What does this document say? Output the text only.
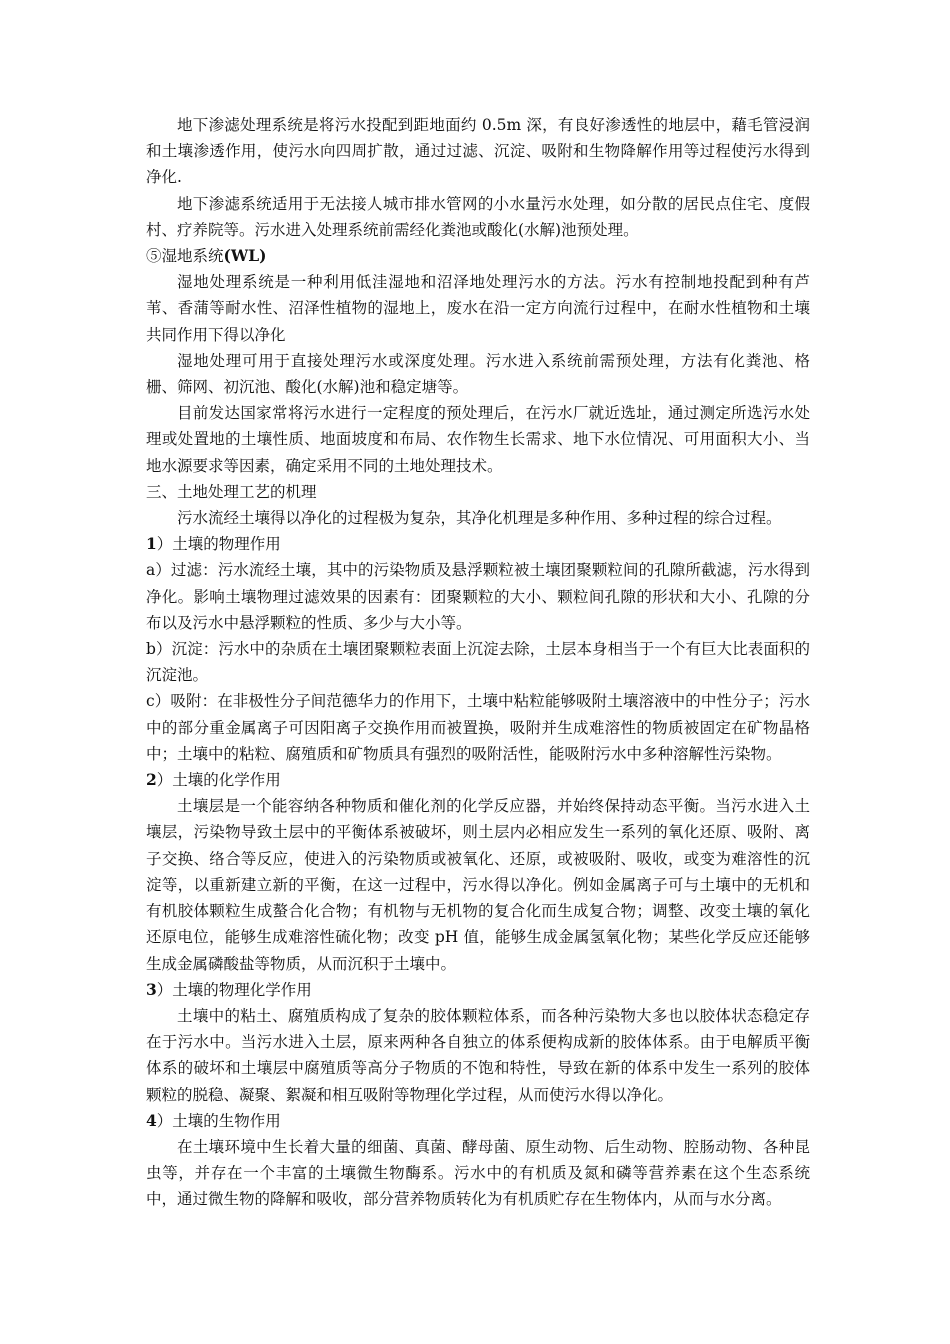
地下渗滤处理系统是将污水投配到距地面约 0.5m 深，有良好渗透性的地层中，藉毛管浸润和土壤渗透作用，使污水向四周扩散，通过过滤、沉淀、吸附和生物降解作用等过程使污水得到净化.

地下渗滤系统适用于无法接人城市排水管网的小水量污水处理，如分散的居民点住宅、度假村、疗养院等。污水进入处理系统前需经化粪池或酸化(水解)池预处理。

⑤湿地系统(WL)

湿地处理系统是一种利用低洼湿地和沼泽地处理污水的方法。污水有控制地投配到种有芦苇、香蒲等耐水性、沼泽性植物的湿地上，废水在沿一定方向流行过程中，在耐水性植物和土壤共同作用下得以净化

湿地处理可用于直接处理污水或深度处理。污水进入系统前需预处理，方法有化粪池、格栅、筛网、初沉池、酸化(水解)池和稳定塘等。

目前发达国家常将污水进行一定程度的预处理后，在污水厂就近选址，通过测定所选污水处理或处置地的土壤性质、地面坡度和布局、农作物生长需求、地下水位情况、可用面积大小、当地水源要求等因素，确定采用不同的土地处理技术。

三、土地处理工艺的机理

污水流经土壤得以净化的过程极为复杂，其净化机理是多种作用、多种过程的综合过程。

1）土壤的物理作用

a）过滤：污水流经土壤，其中的污染物质及悬浮颗粒被土壤团聚颗粒间的孔隙所截滤，污水得到净化。影响土壤物理过滤效果的因素有：团聚颗粒的大小、颗粒间孔隙的形状和大小、孔隙的分布以及污水中悬浮颗粒的性质、多少与大小等。

b）沉淀：污水中的杂质在土壤团聚颗粒表面上沉淀去除，土层本身相当于一个有巨大比表面积的沉淀池。

c）吸附：在非极性分子间范德华力的作用下，土壤中粘粒能够吸附土壤溶液中的中性分子；污水中的部分重金属离子可因阳离子交换作用而被置换，吸附并生成难溶性的物质被固定在矿物晶格中；土壤中的粘粒、腐殖质和矿物质具有强烈的吸附活性，能吸附污水中多种溶解性污染物。

2）土壤的化学作用

土壤层是一个能容纳各种物质和催化剂的化学反应器，并始终保持动态平衡。当污水进入土壤层，污染物导致土层中的平衡体系被破坏，则土层内必相应发生一系列的氧化还原、吸附、离子交换、络合等反应，使进入的污染物质或被氧化、还原，或被吸附、吸收，或变为难溶性的沉淀等，以重新建立新的平衡，在这一过程中，污水得以净化。例如金属离子可与土壤中的无机和有机胶体颗粒生成螯合化合物；有机物与无机物的复合化而生成复合物；调整、改变土壤的氧化还原电位，能够生成难溶性硫化物；改变 pH 值，能够生成金属氢氧化物；某些化学反应还能够生成金属磷酸盐等物质，从而沉积于土壤中。

3）土壤的物理化学作用

土壤中的粘土、腐殖质构成了复杂的胶体颗粒体系，而各种污染物大多也以胶体状态稳定存在于污水中。当污水进入土层，原来两种各自独立的体系便构成新的胶体体系。由于电解质平衡体系的破坏和土壤层中腐殖质等高分子物质的不饱和特性，导致在新的体系中发生一系列的胶体颗粒的脱稳、凝聚、絮凝和相互吸附等物理化学过程，从而使污水得以净化。

4）土壤的生物作用

在土壤环境中生长着大量的细菌、真菌、酵母菌、原生动物、后生动物、腔肠动物、各种昆虫等，并存在一个丰富的土壤微生物酶系。污水中的有机质及氮和磷等营养素在这个生态系统中，通过微生物的降解和吸收，部分营养物质转化为有机质贮存在生物体内，从而与水分离。
